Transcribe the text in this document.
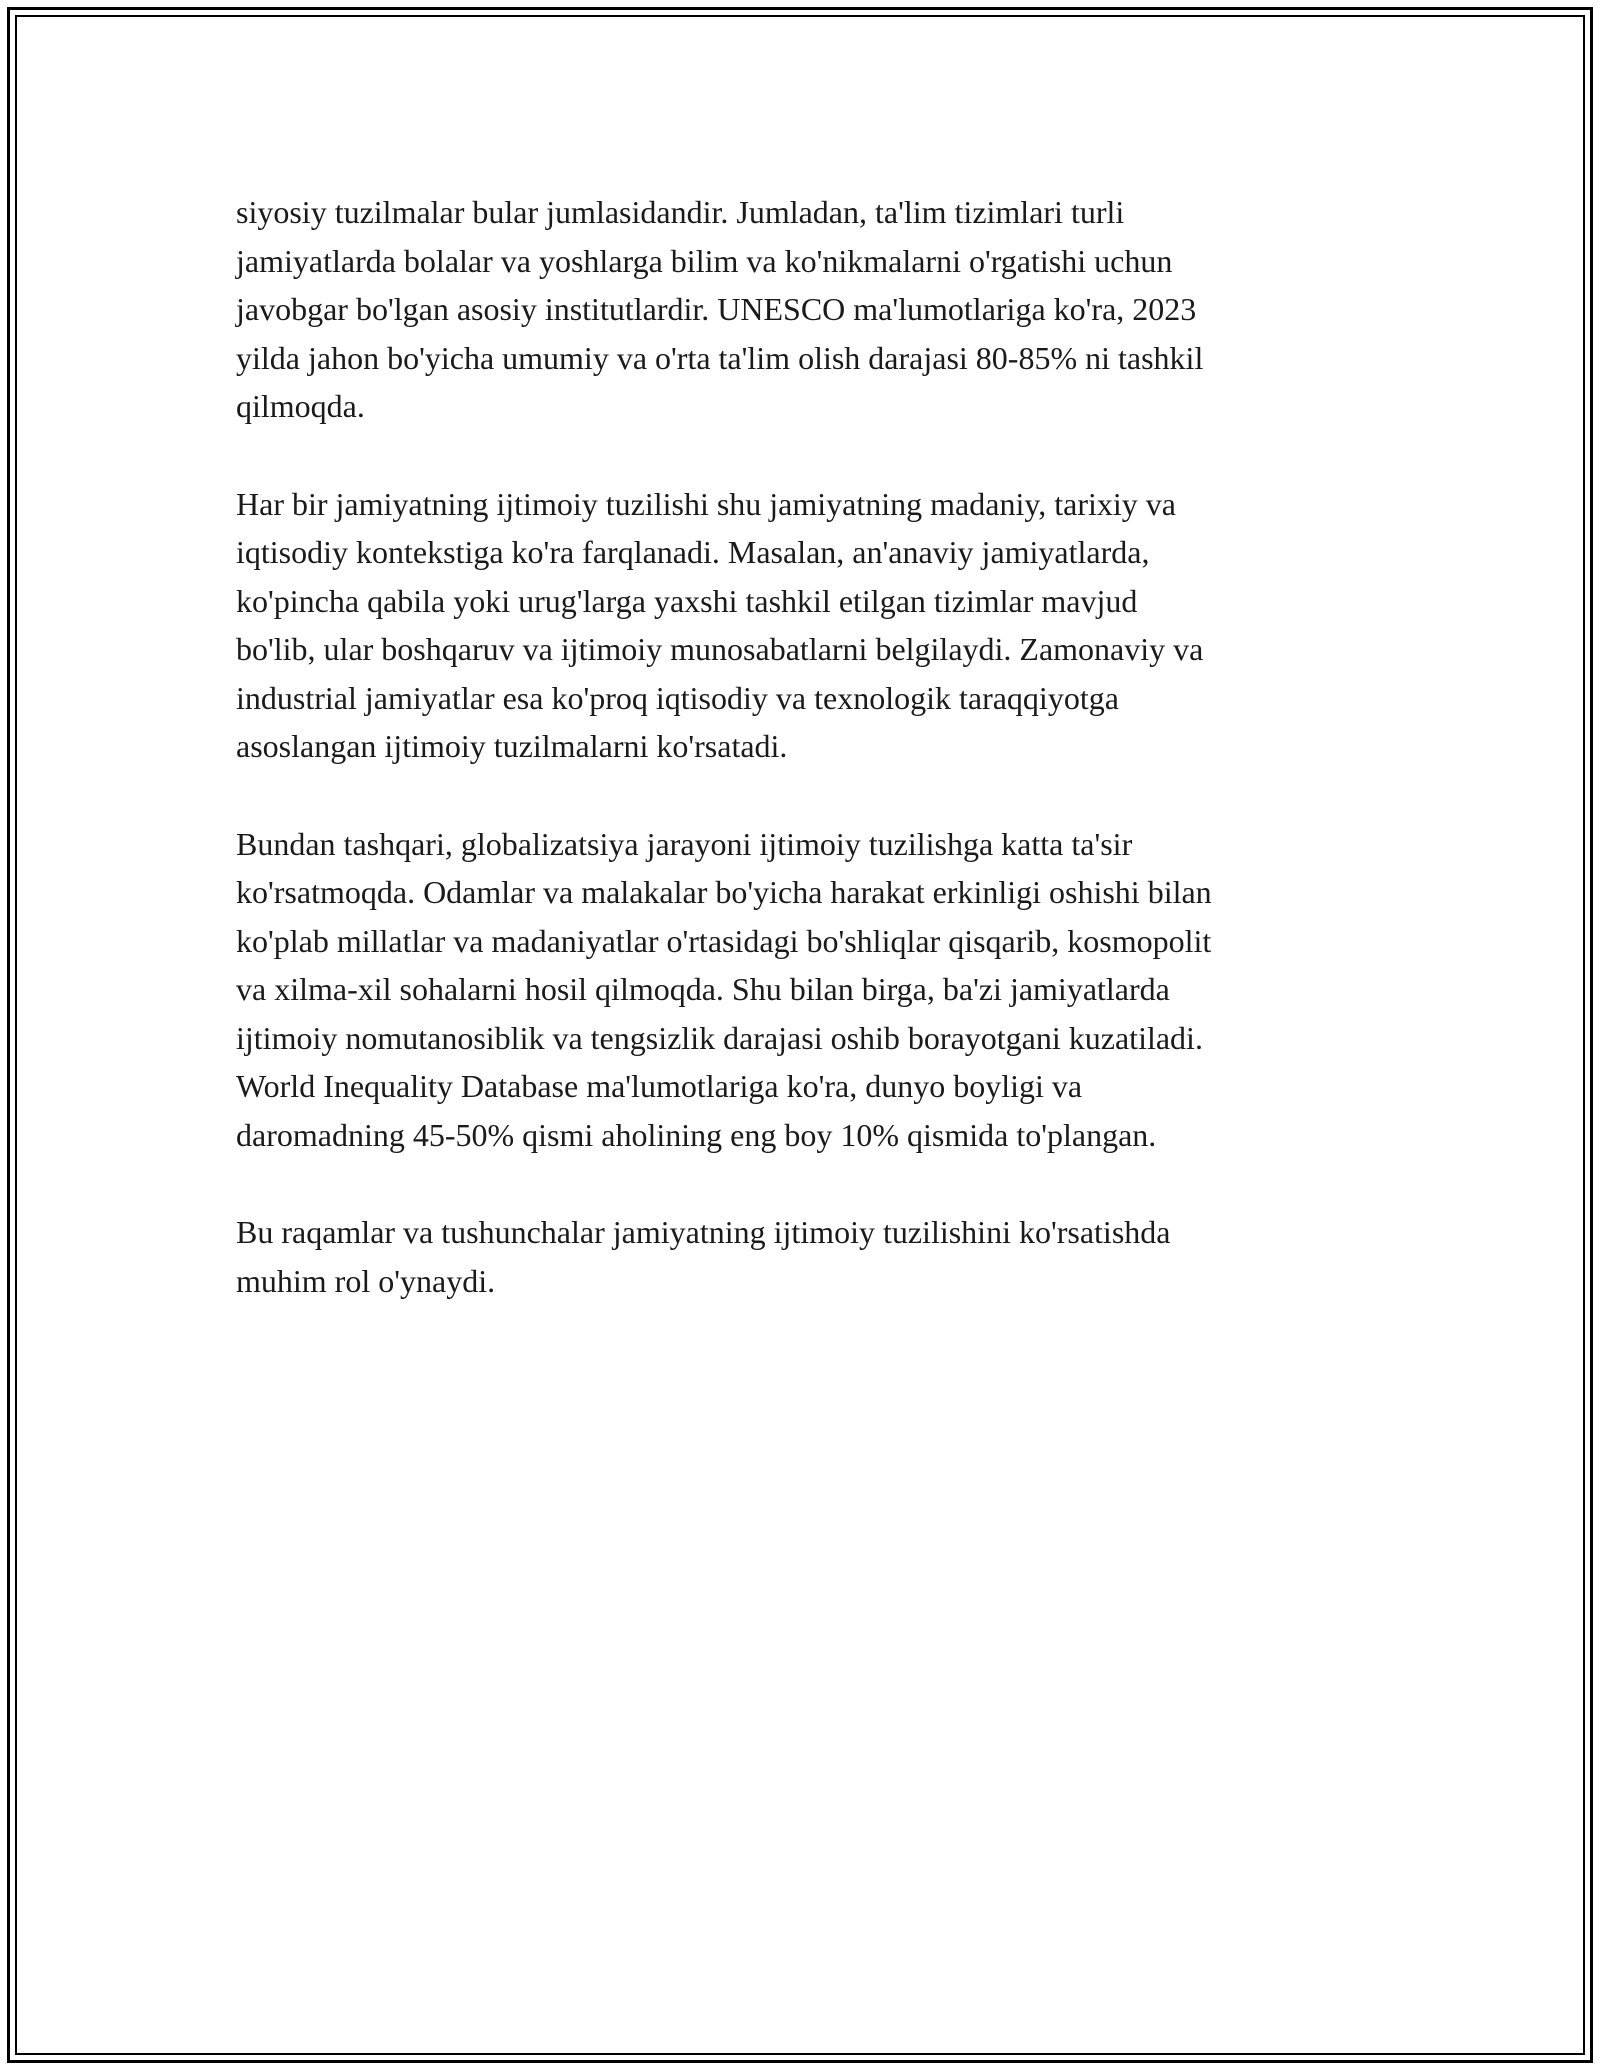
siyosiy tuzilmalar bular jumlasidandir. Jumladan, ta'lim tizimlari turli
jamiyatlarda bolalar va yoshlarga bilim va ko'nikmalarni o'rgatishi uchun
javobgar bo'lgan asosiy institutlardir. UNESCO ma'lumotlariga ko'ra, 2023
yilda jahon bo'yicha umumiy va o'rta ta'lim olish darajasi 80-85% ni tashkil
qilmoqda.

Har bir jamiyatning ijtimoiy tuzilishi shu jamiyatning madaniy, tarixiy va
iqtisodiy kontekstiga ko'ra farqlanadi. Masalan, an'anaviy jamiyatlarda,
ko'pincha qabila yoki urug'larga yaxshi tashkil etilgan tizimlar mavjud
bo'lib, ular boshqaruv va ijtimoiy munosabatlarni belgilaydi. Zamonaviy va
industrial jamiyatlar esa ko'proq iqtisodiy va texnologik taraqqiyotga
asoslangan ijtimoiy tuzilmalarni ko'rsatadi.

Bundan tashqari, globalizatsiya jarayoni ijtimoiy tuzilishga katta ta'sir
ko'rsatmoqda. Odamlar va malakalar bo'yicha harakat erkinligi oshishi bilan
ko'plab millatlar va madaniyatlar o'rtasidagi bo'shliqlar qisqarib, kosmopolit
va xilma-xil sohalarni hosil qilmoqda. Shu bilan birga, ba'zi jamiyatlarda
ijtimoiy nomutanosiblik va tengsizlik darajasi oshib borayotgani kuzatiladi.
World Inequality Database ma'lumotlariga ko'ra, dunyo boyligi va
daromadning 45-50% qismi aholining eng boy 10% qismida to'plangan.

Bu raqamlar va tushunchalar jamiyatning ijtimoiy tuzilishini ko'rsatishda
muhim rol o'ynaydi.
